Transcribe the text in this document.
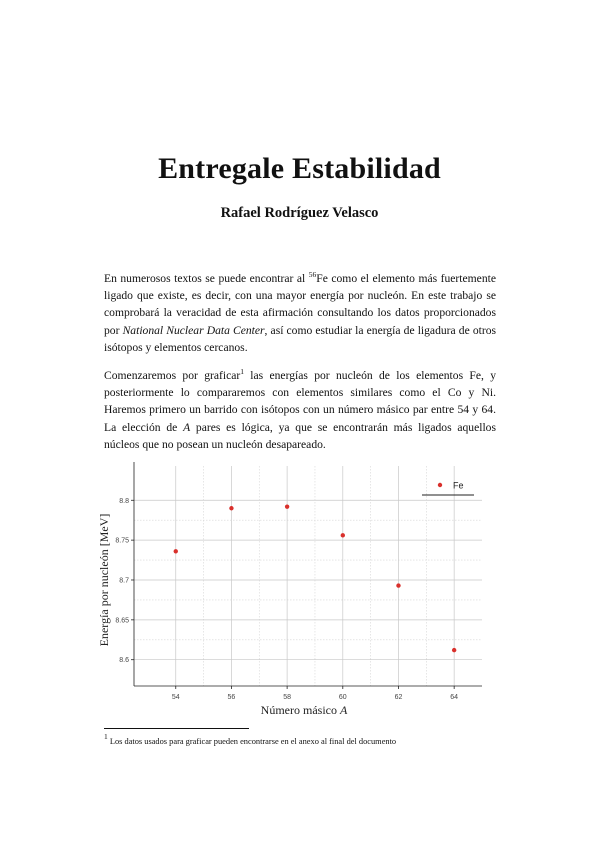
Entregale Estabilidad
Rafael Rodríguez Velasco
En numerosos textos se puede encontrar al $^{56}$Fe como el elemento más fuertemente ligado que existe, es decir, con una mayor energía por nucleón. En este trabajo se comprobará la veracidad de esta afirmación consultando los datos proporcionados por National Nuclear Data Center, así como estudiar la energía de ligadura de otros isótopos y elementos cercanos.
Comenzaremos por graficar$^1$ las energías por nucleón de los elementos Fe, y posteriormente lo compararemos con elementos similares como el Co y Ni. Haremos primero un barrido con isótopos con un número másico par entre 54 y 64. La elección de A pares es lógica, ya que se encontrarán más ligados aquellos núcleos que no posean un nucleón desapareado.
54	56	58	60	62	64
8.6
8.65
8.7
8.75
8.8
Fe
Número másico A
Energía por nucleón [MeV]
$^1$ Los datos usados para graficar pueden encontrarse en el anexo al final del documento
